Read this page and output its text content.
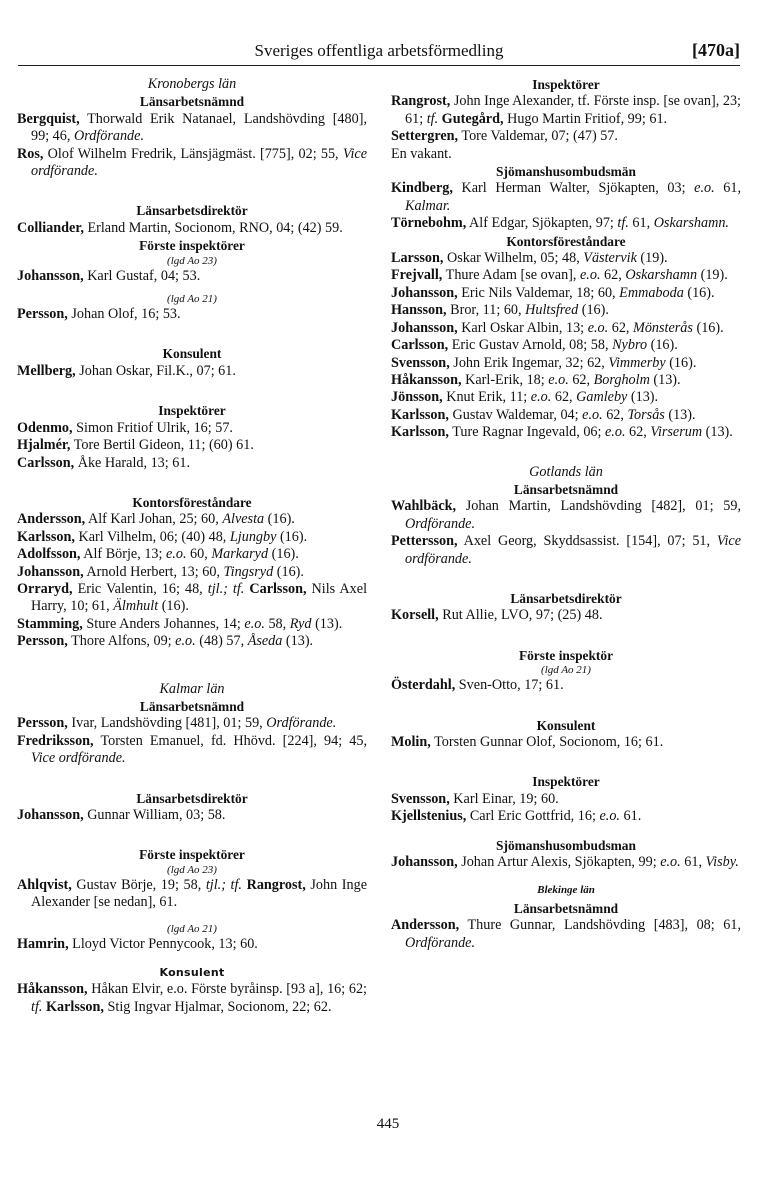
Sveriges offentliga arbetsförmedling	[470a]
Kronobergs län
Länsarbetsnämnd

Bergquist, Thorwald Erik Natanael, Landshövding [480], 99; 46, Ordförande.

Ros, Olof Wilhelm Fredrik, Länsjägmäst. [775], 02; 55, Vice ordförande.

Länsarbetsdirektör

Colliander, Erland Martin, Socionom, RNO, 04; (42) 59.

Förste inspektörer
(lgd Ao 23)

Johansson, Karl Gustaf, 04; 53.

(lgd Ao 21)

Persson, Johan Olof, 16; 53.

Konsulent

Mellberg, Johan Oskar, Fil.K., 07; 61.

Inspektörer

Odenmo, Simon Fritiof Ulrik, 16; 57.

Hjalmér, Tore Bertil Gideon, 11; (60) 61.

Carlsson, Åke Harald, 13; 61.

Kontorsföreståndare

Andersson, Alf Karl Johan, 25; 60, Alvesta (16).

Karlsson, Karl Vilhelm, 06; (40) 48, Ljungby (16).

Adolfsson, Alf Börje, 13; e.o. 60, Markaryd (16).

Johansson, Arnold Herbert, 13; 60, Tingsryd (16).

Orraryd, Eric Valentin, 16; 48, tjl.; tf. Carlsson, Nils Axel Harry, 10; 61, Älmhult (16).

Stamming, Sture Anders Johannes, 14; e.o. 58, Ryd (13).

Persson, Thore Alfons, 09; e.o. (48) 57, Åseda (13).

Kalmar län
Länsarbetsnämnd

Persson, Ivar, Landshövding [481], 01; 59, Ordförande.

Fredriksson, Torsten Emanuel, fd. Hhövd. [224], 94; 45, Vice ordförande.

Länsarbetsdirektör

Johansson, Gunnar William, 03; 58.

Förste inspektörer
(lgd Ao 23)

Ahlqvist, Gustav Börje, 19; 58, tjl.; tf. Rangrost, John Inge Alexander [se nedan], 61.

(lgd Ao 21)

Hamrin, Lloyd Victor Pennycook, 13; 60.

Konsulent

Håkansson, Håkan Elvir, e.o. Förste byråinsp. [93 a], 16; 62; tf. Karlsson, Stig Ingvar Hjalmar, Socionom, 22; 62.

Inspektörer

Rangrost, John Inge Alexander, tf. Förste insp. [se ovan], 23; 61; tf. Gutegård, Hugo Martin Fritiof, 99; 61.

Settergren, Tore Valdemar, 07; (47) 57.

En vakant.

Sjömanshusombudsmän

Kindberg, Karl Herman Walter, Sjökapten, 03; e.o. 61, Kalmar.

Törnebohm, Alf Edgar, Sjökapten, 97; tf. 61, Oskarshamn.

Kontorsföreståndare

Larsson, Oskar Wilhelm, 05; 48, Västervik (19).

Frejvall, Thure Adam [se ovan], e.o. 62, Oskarshamn (19).

Johansson, Eric Nils Valdemar, 18; 60, Emmaboda (16).

Hansson, Bror, 11; 60, Hultsfred (16).

Johansson, Karl Oskar Albin, 13; e.o. 62, Mönsterås (16).

Carlsson, Eric Gustav Arnold, 08; 58, Nybro (16).

Svensson, John Erik Ingemar, 32; 62, Vimmerby (16).

Håkansson, Karl-Erik, 18; e.o. 62, Borgholm (13).

Jönsson, Knut Erik, 11; e.o. 62, Gamleby (13).

Karlsson, Gustav Waldemar, 04; e.o. 62, Torsås (13).

Karlsson, Ture Ragnar Ingevald, 06; e.o. 62, Virserum (13).

Gotlands län
Länsarbetsnämnd

Wahlbäck, Johan Martin, Landshövding [482], 01; 59, Ordförande.

Pettersson, Axel Georg, Skyddsassist. [154], 07; 51, Vice ordförande.

Länsarbetsdirektör

Korsell, Rut Allie, LVO, 97; (25) 48.

Förste inspektör
(lgd Ao 21)

Österdahl, Sven-Otto, 17; 61.

Konsulent

Molin, Torsten Gunnar Olof, Socionom, 16; 61.

Inspektörer

Svensson, Karl Einar, 19; 60.

Kjellstenius, Carl Eric Gottfrid, 16; e.o. 61.

Sjömanshusombudsman

Johansson, Johan Artur Alexis, Sjökapten, 99; e.o. 61, Visby.

Blekinge län
Länsarbetsnämnd

Andersson, Thure Gunnar, Landshövding [483], 08; 61, Ordförande.

445
